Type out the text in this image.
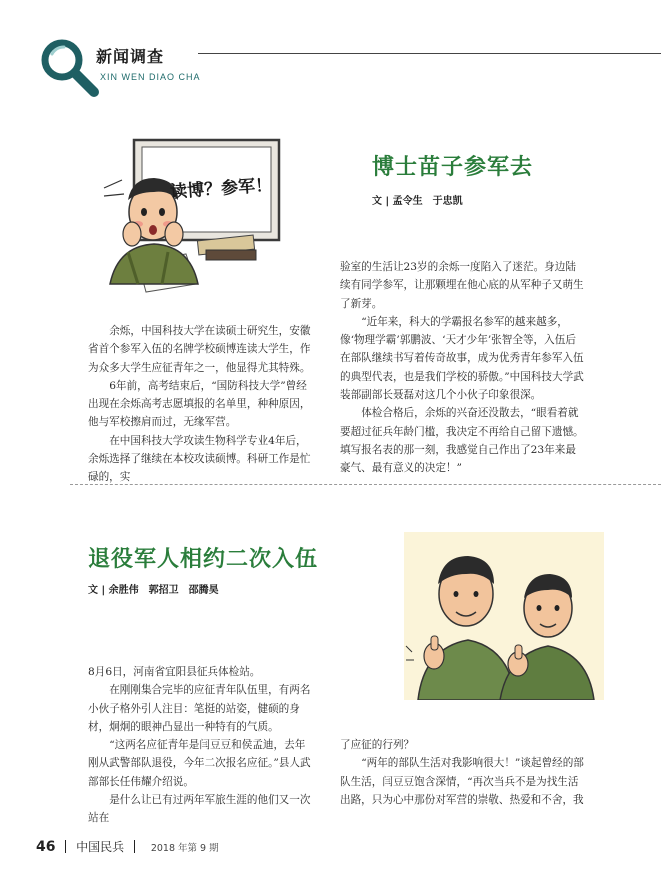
新闻调查
XIN WEN DIAO CHA
读博？参军！
博士苗子参军去
文 | 孟令生　于忠凯

余烁，中国科技大学在读硕士研究生，安徽省首个参军入伍的名牌学校硕博连读大学生，作为众多大学生应征青年之一，他显得尤其特殊。

6年前，高考结束后，“国防科技大学”曾经出现在余烁高考志愿填报的名单里，种种原因，他与军校擦肩而过，无缘军营。

在中国科技大学攻读生物科学专业4年后，余烁选择了继续在本校攻读硕博。科研工作是忙碌的，实

验室的生活让23岁的余烁一度陷入了迷茫。身边陆续有同学参军，让那颗埋在他心底的从军种子又萌生了新芽。

“近年来，科大的学霸报名参军的越来越多，像‘物理学霸’郭鹏波、‘天才少年’张智全等，入伍后在部队继续书写着传奇故事，成为优秀青年参军入伍的典型代表，也是我们学校的骄傲。”中国科技大学武装部副部长聂磊对这几个小伙子印象很深。

体检合格后，余烁的兴奋还没散去，“眼看着就要超过征兵年龄门槛，我决定不再给自己留下遗憾。填写报名表的那一刻，我感觉自己作出了23年来最豪气、最有意义的决定！”

退役军人相约二次入伍
文 | 余胜伟　郭招卫　邵腾昊

8月6日，河南省宜阳县征兵体检站。

在刚刚集合完毕的应征青年队伍里，有两名小伙子格外引人注目：笔挺的站姿，健硕的身材，炯炯的眼神凸显出一种特有的气质。

“这两名应征青年是闫豆豆和侯孟迪，去年刚从武警部队退役，今年二次报名应征。”县人武部部长任伟耀介绍说。

是什么让已有过两年军旅生涯的他们又一次站在

了应征的行列？

“两年的部队生活对我影响很大！”谈起曾经的部队生活，闫豆豆饱含深情，“再次当兵不是为找生活出路，只为心中那份对军营的崇敬、热爱和不舍，我

46 中国民兵	2018 年第 9 期
